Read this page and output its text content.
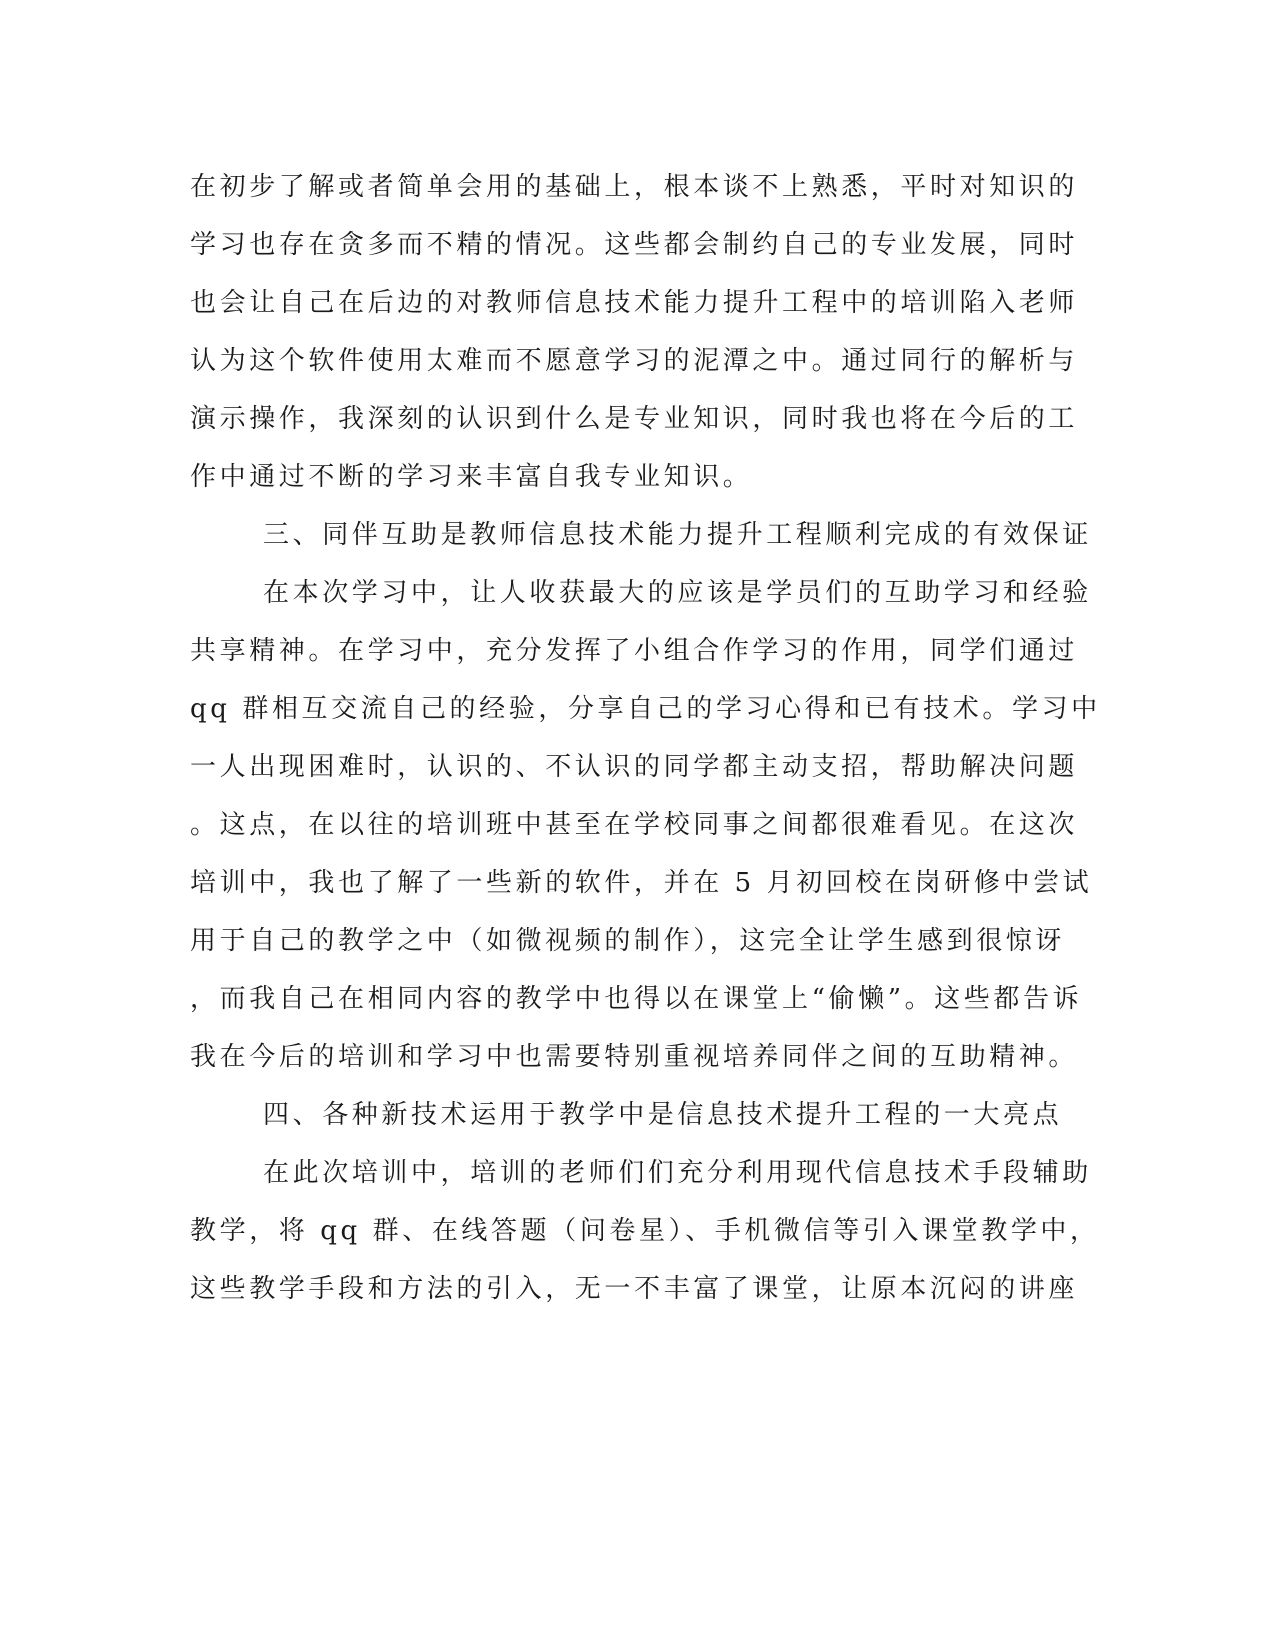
在初步了解或者简单会用的基础上，根本谈不上熟悉，平时对知识的
学习也存在贪多而不精的情况。这些都会制约自己的专业发展，同时
也会让自己在后边的对教师信息技术能力提升工程中的培训陷入老师
认为这个软件使用太难而不愿意学习的泥潭之中。通过同行的解析与
演示操作，我深刻的认识到什么是专业知识，同时我也将在今后的工
作中通过不断的学习来丰富自我专业知识。
三、同伴互助是教师信息技术能力提升工程顺利完成的有效保证
在本次学习中，让人收获最大的应该是学员们的互助学习和经验
共享精神。在学习中，充分发挥了小组合作学习的作用，同学们通过
qq 群相互交流自己的经验，分享自己的学习心得和已有技术。学习中
一人出现困难时，认识的、不认识的同学都主动支招，帮助解决问题
。这点，在以往的培训班中甚至在学校同事之间都很难看见。在这次
培训中，我也了解了一些新的软件，并在 5 月初回校在岗研修中尝试
用于自己的教学之中（如微视频的制作），这完全让学生感到很惊讶
，而我自己在相同内容的教学中也得以在课堂上“偷懒”。这些都告诉
我在今后的培训和学习中也需要特别重视培养同伴之间的互助精神。
四、各种新技术运用于教学中是信息技术提升工程的一大亮点
在此次培训中，培训的老师们们充分利用现代信息技术手段辅助
教学，将 qq 群、在线答题（问卷星）、手机微信等引入课堂教学中，
这些教学手段和方法的引入，无一不丰富了课堂，让原本沉闷的讲座
